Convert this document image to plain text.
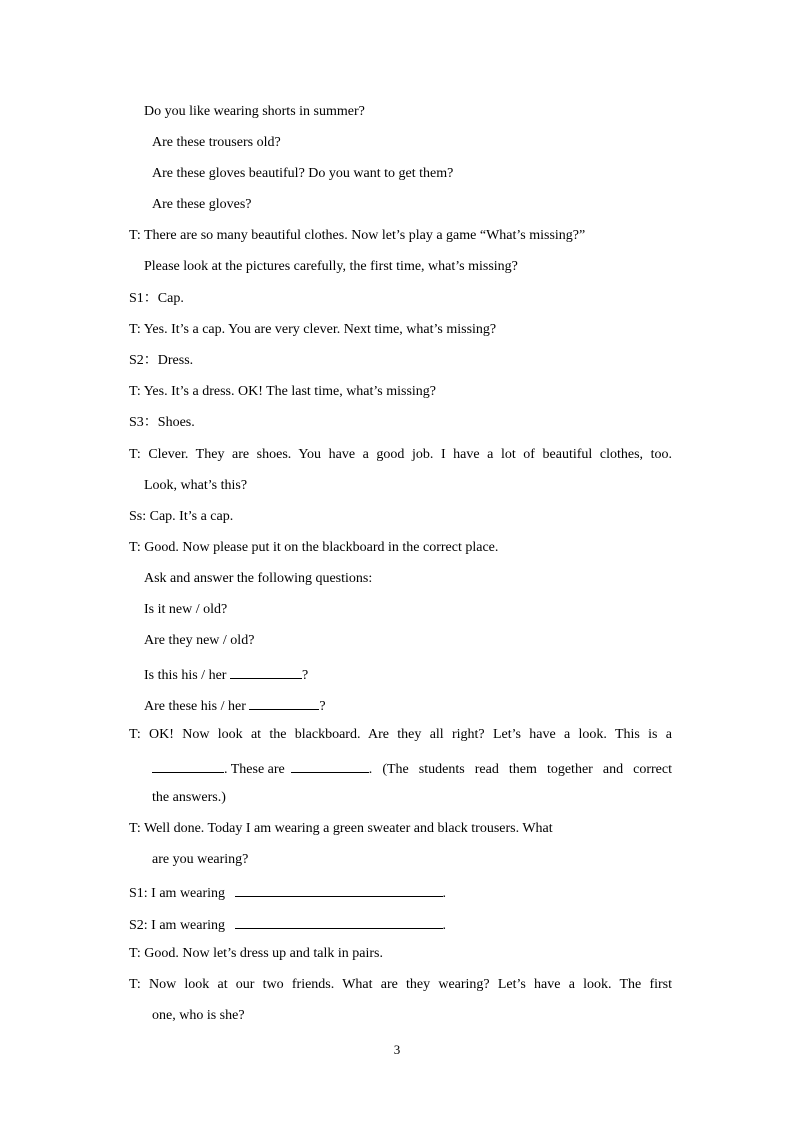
Do you like wearing shorts in summer?
Are these trousers old?
Are these gloves beautiful? Do you want to get them?
Are these gloves?
T: There are so many beautiful clothes. Now let’s play a game “What’s missing?”
Please look at the pictures carefully, the first time, what’s missing?
S1：Cap.
T: Yes. It’s a cap. You are very clever. Next time, what’s missing?
S2：Dress.
T: Yes. It’s a dress. OK! The last time, what’s missing?
S3：Shoes.
T: Clever. They are shoes. You have a good job. I have a lot of beautiful clothes, too.
Look, what’s this?
Ss: Cap. It’s a cap.
T: Good. Now please put it on the blackboard in the correct place.
Ask and answer the following questions:
Is it new / old?
Are they new / old?
Is this his / her	?
Are these his / her	?
T: OK! Now look at the blackboard. Are they all right? Let’s have a look. This is a
. These are	. (The students read them together and correct
the answers.)
T: Well done. Today I am wearing a green sweater and black trousers. What
are you wearing?
S1: I am wearing	.
S2: I am wearing	.
T: Good. Now let’s dress up and talk in pairs.
T: Now look at our two friends. What are they wearing? Let’s have a look. The first
one, who is she?
3
